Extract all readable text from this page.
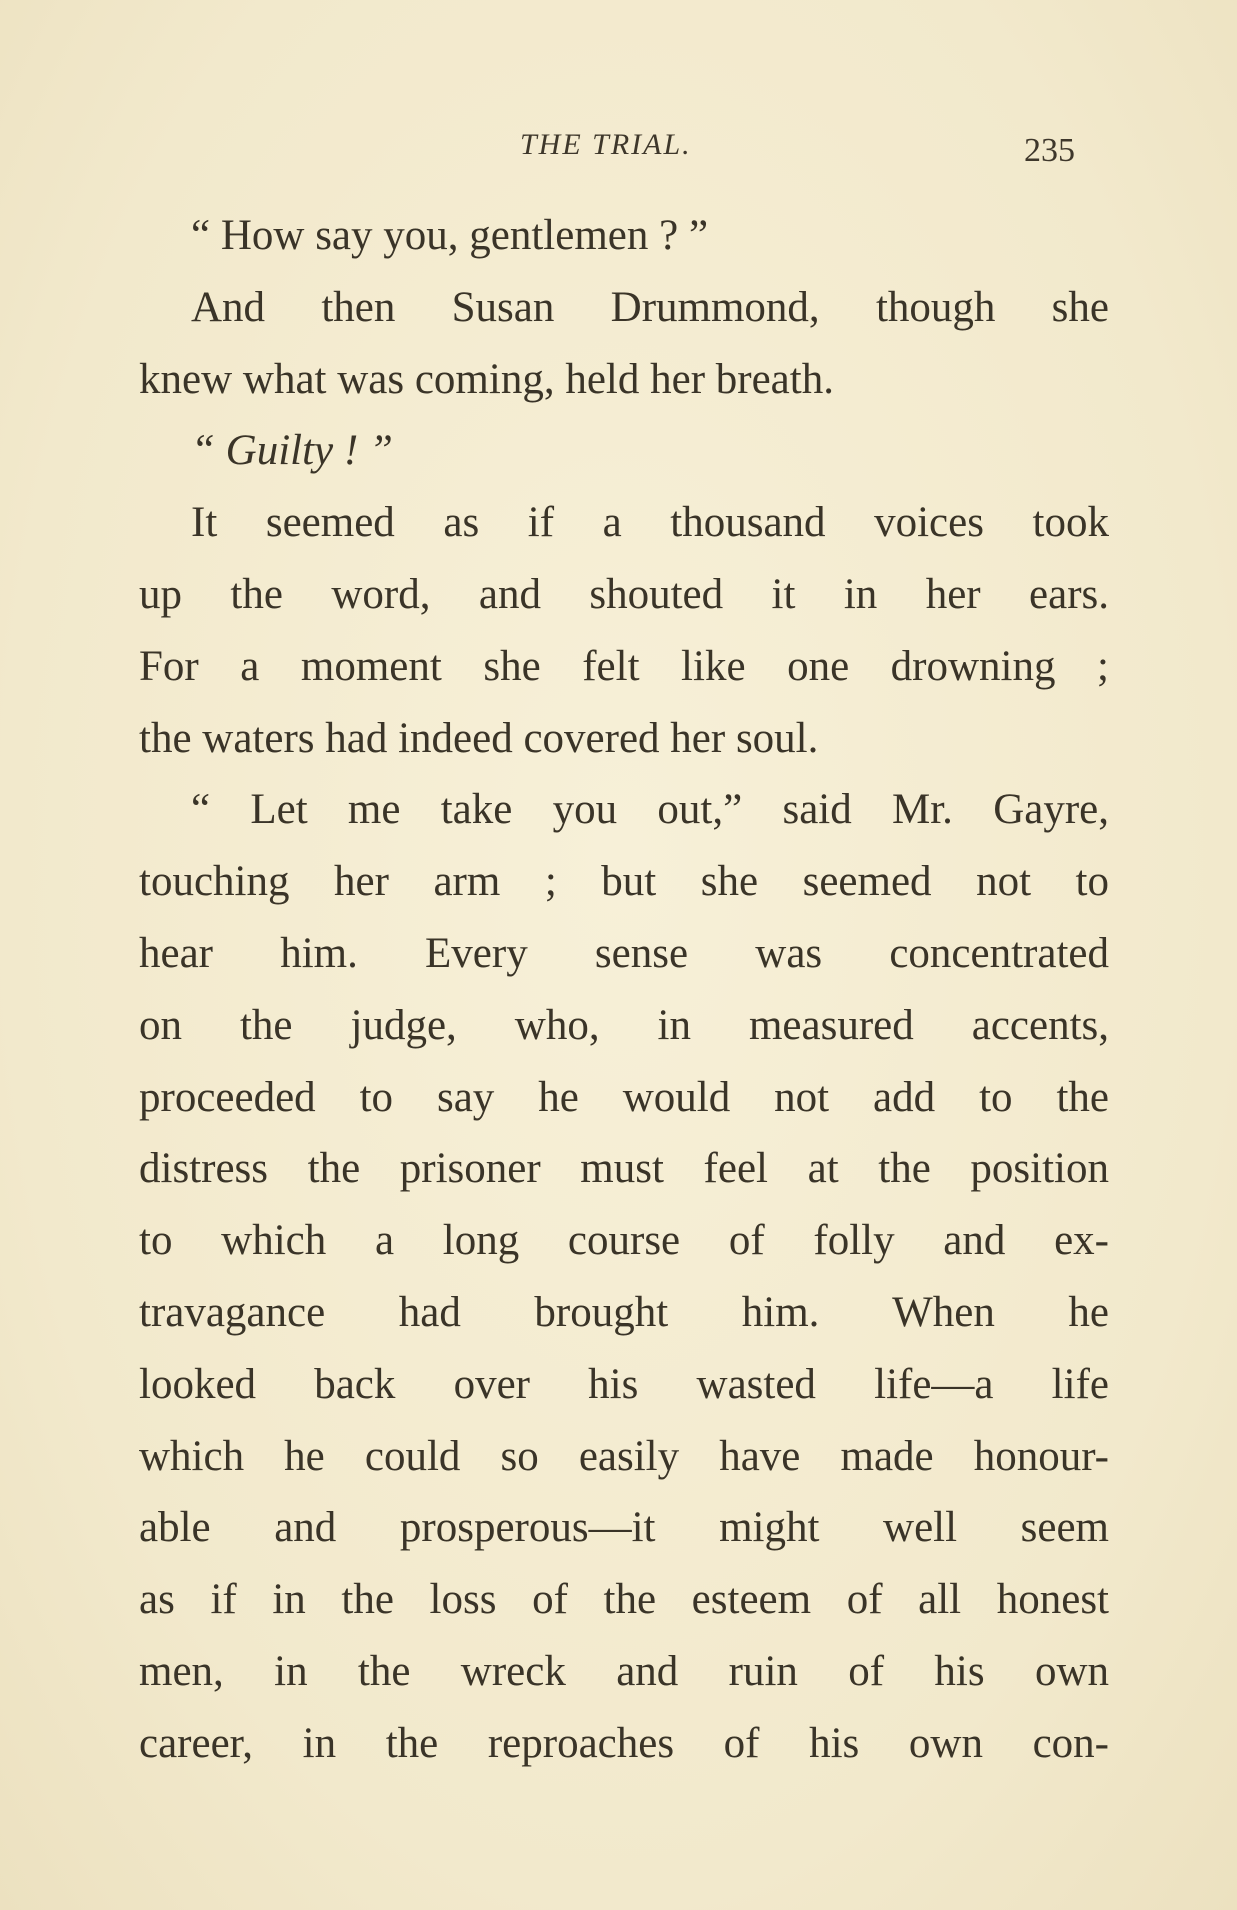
THE TRIAL.	235
“ How say you, gentlemen ? ”
And then Susan Drummond, though she
knew what was coming, held her breath.
“ Guilty ! ”
It seemed as if a thousand voices took
up the word, and shouted it in her ears.
For a moment she felt like one drowning ;
the waters had indeed covered her soul.
“ Let me take you out,” said Mr. Gayre,
touching her arm ; but she seemed not to
hear him. Every sense was concentrated
on the judge, who, in measured accents,
proceeded to say he would not add to the
distress the prisoner must feel at the position
to which a long course of folly and ex-
travagance had brought him. When he
looked back over his wasted life—a life
which he could so easily have made honour-
able and prosperous—it might well seem
as if in the loss of the esteem of all honest
men, in the wreck and ruin of his own
career, in the reproaches of his own con-
